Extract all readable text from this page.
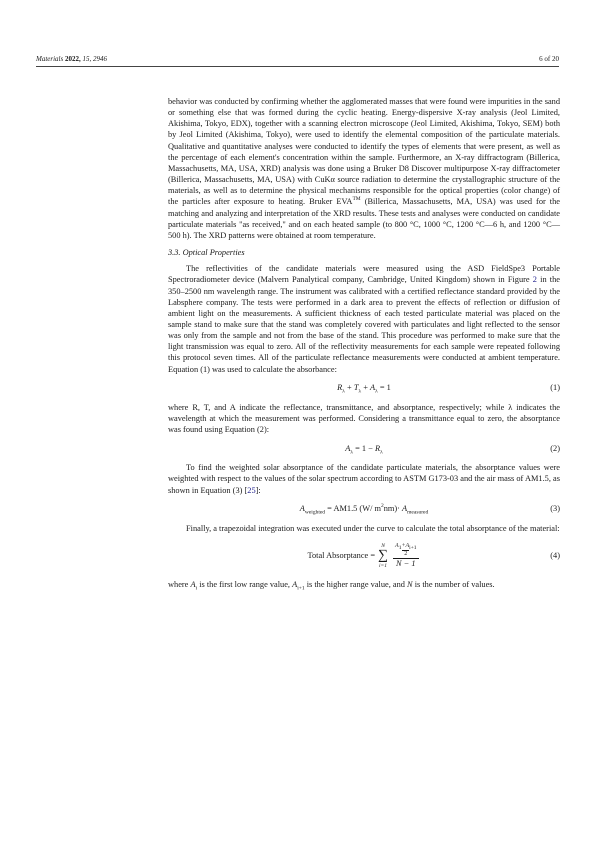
Materials 2022, 15, 2946	6 of 20

behavior was conducted by confirming whether the agglomerated masses that were found were impurities in the sand or something else that was formed during the cyclic heating. Energy-dispersive X-ray analysis (Jeol Limited, Akishima, Tokyo, EDX), together with a scanning electron microscope (Jeol Limited, Akishima, Tokyo, SEM) both by Jeol Limited (Akishima, Tokyo), were used to identify the elemental composition of the particulate materials. Qualitative and quantitative analyses were conducted to identify the types of elements that were present, as well as the percentage of each element's concentration within the sample. Furthermore, an X-ray diffractogram (Billerica, Massachusetts, MA, USA, XRD) analysis was done using a Bruker D8 Discover multipurpose X-ray diffractometer (Billerica, Massachusetts, MA, USA) with CuKα source radiation to determine the crystallographic structure of the materials, as well as to determine the physical mechanisms responsible for the optical properties (color change) of the particles after exposure to heating. Bruker EVA™ (Billerica, Massachusetts, MA, USA) was used for the matching and analyzing and interpretation of the XRD results. These tests and analyses were conducted on candidate particulate materials "as received," and on each heated sample (to 800 °C, 1000 °C, 1200 °C—6 h, and 1200 °C—500 h). The XRD patterns were obtained at room temperature.

3.3. Optical Properties

The reflectivities of the candidate materials were measured using the ASD FieldSpe3 Portable Spectroradiometer device (Malvern Panalytical company, Cambridge, United Kingdom) shown in Figure 2 in the 350–2500 nm wavelength range. The instrument was calibrated with a certified reflectance standard provided by the Labsphere company. The tests were performed in a dark area to prevent the effects of reflection or diffusion of ambient light on the measurements. A sufficient thickness of each tested particulate material was placed on the sample stand to make sure that the stand was completely covered with particulates and light reflected to the sensor was only from the sample and not from the base of the stand. This procedure was performed to make sure that the light transmission was equal to zero. All of the reflectivity measurements for each sample were repeated following this protocol seven times. All of the particulate reflectance measurements were conducted at ambient temperature. Equation (1) was used to calculate the absorbance:

$R_\lambda + T_\lambda + A_\lambda = 1$	(1)

where R, T, and A indicate the reflectance, transmittance, and absorptance, respectively; while λ indicates the wavelength at which the measurement was performed. Considering a transmittance equal to zero, the absorptance was found using Equation (2):

$A_\lambda = 1 - R_\lambda$	(2)

To find the weighted solar absorptance of the candidate particulate materials, the absorptance values were weighted with respect to the values of the solar spectrum according to ASTM G173-03 and the air mass of AM1.5, as shown in Equation (3) [25]:

$A_{weighted} = AM1.5$ (W/ $m^2nm)\cdot A_{measured}$	(3)

Finally, a trapezoidal integration was executed under the curve to calculate the total absorptance of the material:

Total Absorptance =
N
∑
i=1 $A_1+A_{i+1}$
2
N − 1	(4)

where $A_i$ is the first low range value, $A_{i+1}$ is the higher range value, and N is the number of values.
